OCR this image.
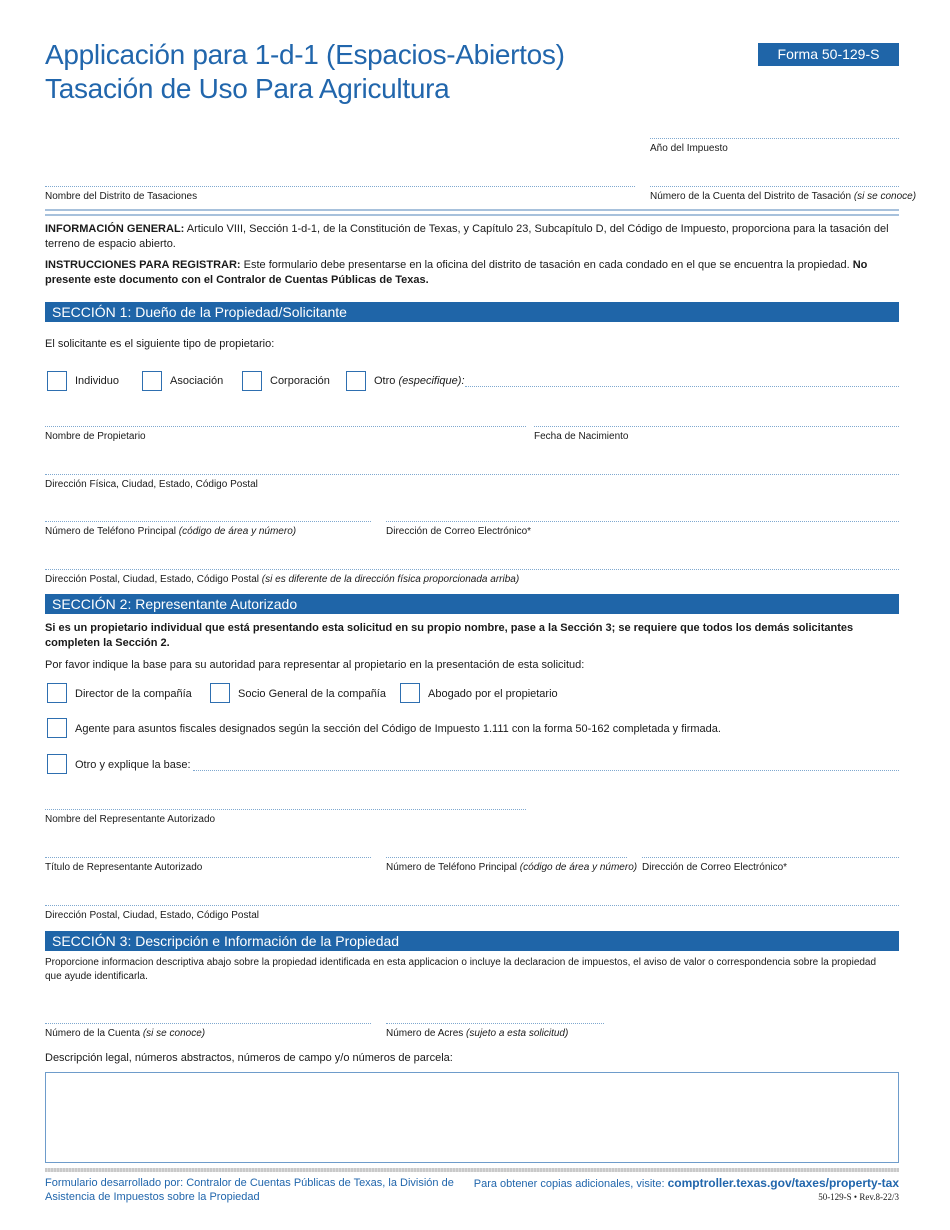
Applicación para 1-d-1 (Espacios-Abiertos)
Tasación de Uso Para Agricultura
Forma 50-129-S
Año del Impuesto
Nombre del Distrito de Tasaciones	Número de la Cuenta del Distrito de Tasación (si se conoce)
INFORMACIÓN GENERAL: Articulo VIII, Sección 1-d-1, de la Constitución de Texas, y Capítulo 23, Subcapítulo D, del Código de Impuesto, proporciona para la tasación del terreno de espacio abierto.
INSTRUCCIONES PARA REGISTRAR: Este formulario debe presentarse en la oficina del distrito de tasación en cada condado en el que se encuentra la propiedad. No presente este documento con el Contralor de Cuentas Públicas de Texas.
SECCIÓN 1: Dueño de la Propiedad/Solicitante
El solicitante es el siguiente tipo de propietario:
Individuo	Asociación	Corporación	Otro (especifique):
Nombre de Propietario	Fecha de Nacimiento
Dirección Física, Ciudad, Estado, Código Postal
Número de Teléfono Principal (código de área y número)	Dirección de Correo Electrónico*
Dirección Postal, Ciudad, Estado, Código Postal (si es diferente de la dirección física proporcionada arriba)
SECCIÓN 2: Representante Autorizado
Si es un propietario individual que está presentando esta solicitud en su propio nombre, pase a la Sección 3; se requiere que todos los demás solicitantes completen la Sección 2.
Por favor indique la base para su autoridad para representar al propietario en la presentación de esta solicitud:
Director de la compañía	Socio General de la compañía	Abogado por el propietario
Agente para asuntos fiscales designados según la sección del Código de Impuesto 1.111 con la forma 50-162 completada y firmada.
Otro y explique la base:
Nombre del Representante Autorizado
Título de Representante Autorizado	Número de Teléfono Principal (código de área y número) Dirección de Correo Electrónico*
Dirección Postal, Ciudad, Estado, Código Postal
SECCIÓN 3: Descripción e Información de la Propiedad
Proporcione informacion descriptiva abajo sobre la propiedad identificada en esta applicacion o incluye la declaracion de impuestos, el aviso de valor o correspondencia sobre la propiedad
que ayude identificarla.
Número de la Cuenta (si se conoce)	Número de Acres (sujeto a esta solicitud)
Descripción legal, números abstractos, números de campo y/o números de parcela:
Formulario desarrollado por: Contralor de Cuentas Públicas de Texas, la División de Asistencia de Impuestos sobre la Propiedad
Para obtener copias adicionales, visite: comptroller.texas.gov/taxes/property-tax
50-129-S • Rev.8-22/3
